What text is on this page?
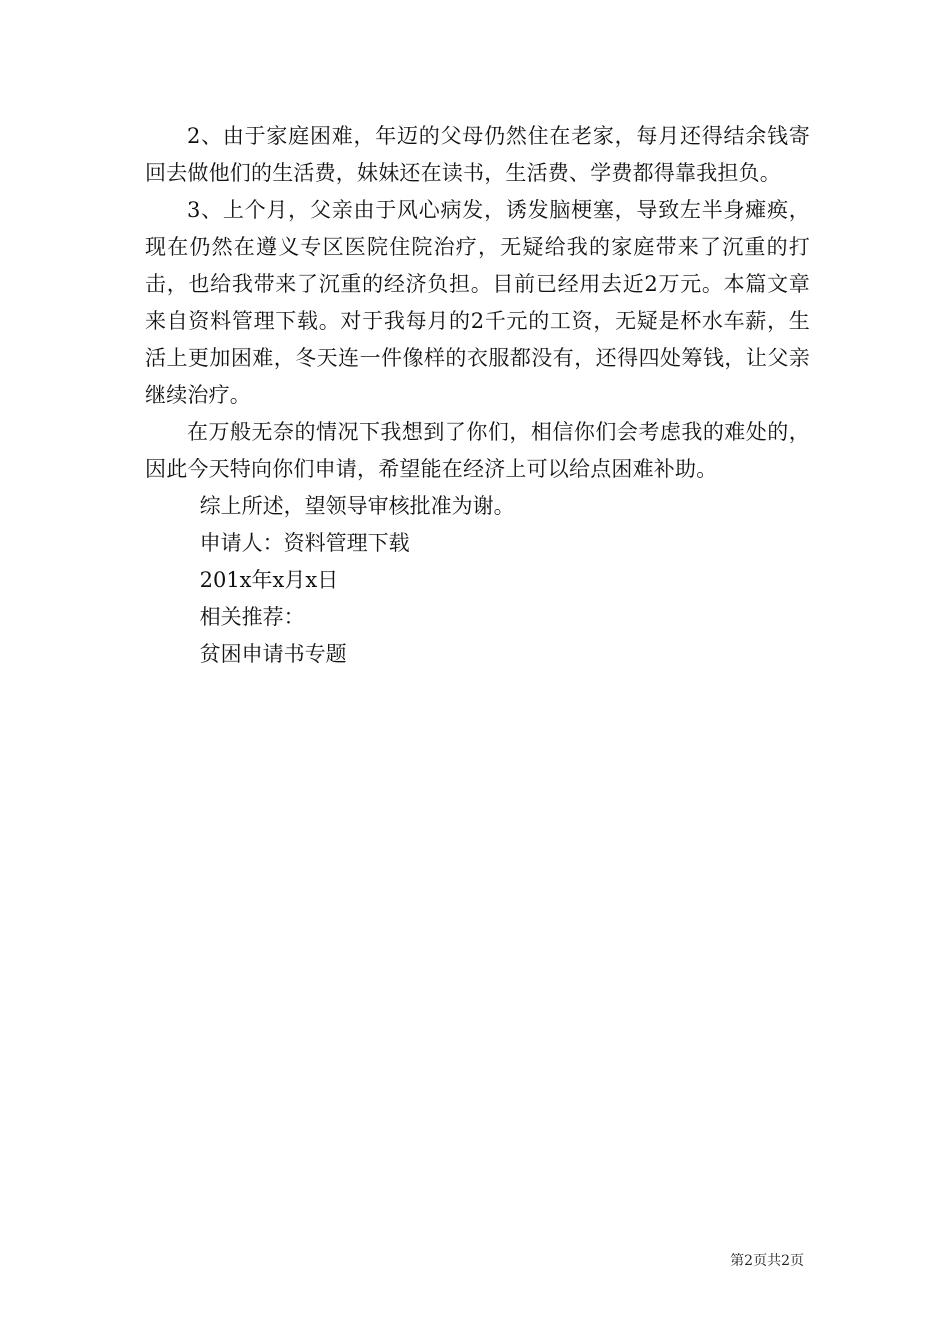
2、由于家庭困难，年迈的父母仍然住在老家，每月还得结余钱寄回去做他们的生活费，妹妹还在读书，生活费、学费都得靠我担负。

3、上个月，父亲由于风心病发，诱发脑梗塞，导致左半身瘫痪，现在仍然在遵义专区医院住院治疗，无疑给我的家庭带来了沉重的打击，也给我带来了沉重的经济负担。目前已经用去近2万元。本篇文章来自资料管理下载。对于我每月的2千元的工资，无疑是杯水车薪，生活上更加困难，冬天连一件像样的衣服都没有，还得四处筹钱，让父亲继续治疗。

在万般无奈的情况下我想到了你们，相信你们会考虑我的难处的，因此今天特向你们申请，希望能在经济上可以给点困难补助。

综上所述，望领导审核批准为谢。

申请人：资料管理下载

201x年x月x日

相关推荐：

贫困申请书专题

第2页共2页
